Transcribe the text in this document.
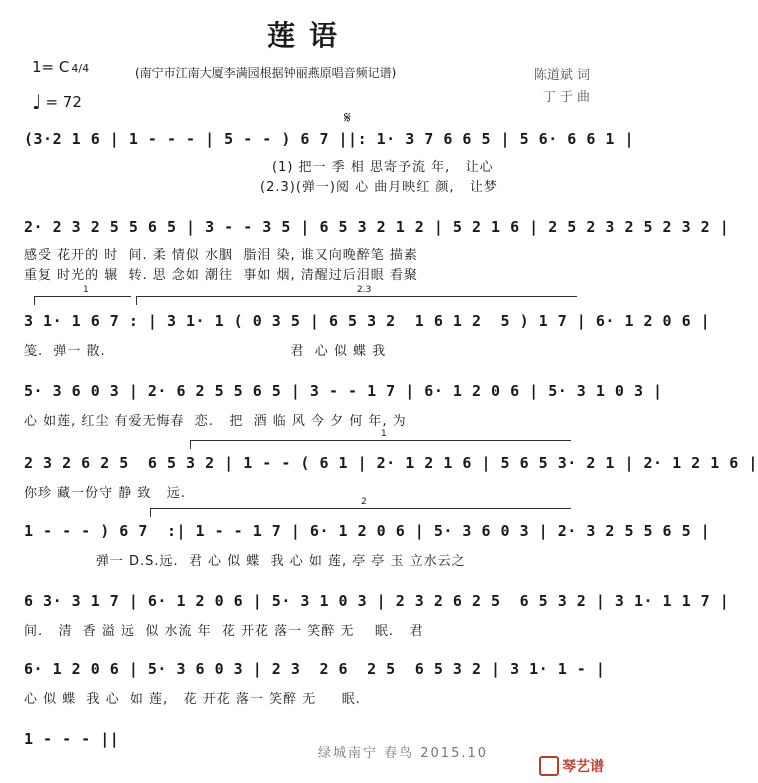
莲语
1= C 4/4	(南宁市江南大厦李满园根据钟丽燕原唱音频记谱)
♩ = 72
陈道斌 词
丁 于 曲
𝄋
(3·2 1 6 | 1 - - - | 5 - - ) 6 7 ||: 1· 3 7 6 6 5 | 5 6· 6 6 1 |
(1) 把一 季 相 思寄予流 年,   让心
(2.3)(弹一)阅 心 曲月映红 颜,   让梦
2· 2 3 2 5 5 6 5 | 3 - - 3 5 | 6 5 3 2 1 2 | 5 2 1 6 | 2 5 2 3 2 5 2 3 2 |
感受 花开的 时  间. 柔 情似 水胭  脂泪 染, 谁又向晚醉笔 描素
重复 时光的 辗  转. 思 念如 潮往  事如 烟, 清醒过后泪眼 看聚
1	2.3
3 1· 1 6 7 : | 3 1· 1 ( 0 3 5 | 6 5 3 2  1 6 1 2  5 ) 1 7 | 6· 1 2 0 6 |
笺.  弹一 散.                                    君  心 似 蝶 我
5· 3 6 0 3 | 2· 6 2 5 5 6 5 | 3 - - 1 7 | 6· 1 2 0 6 | 5· 3 1 0 3 |
心 如莲, 红尘 有爱无悔春  恋.   把  酒 临 风 今 夕 何 年, 为
1
2 3 2 6 2 5  6 5 3 2 | 1 - - ( 6 1 | 2· 1 2 1 6 | 5 6 5 3· 2 1 | 2· 1 2 1 6 |
你珍 藏一份守 静 致   远.
2
1 - - - ) 6 7  :| 1 - - 1 7 | 6· 1 2 0 6 | 5· 3 6 0 3 | 2· 3 2 5 5 6 5 |
弹一 D.S.远.  君 心 似 蝶  我 心 如 莲, 亭 亭 玉 立水云之
6 3· 3 1 7 | 6· 1 2 0 6 | 5· 3 1 0 3 | 2 3 2 6 2 5  6 5 3 2 | 3 1· 1 1 7 |
间.   清  香 溢 远  似 水流 年  花 开花 落一 笑醉 无    眠.   君
6· 1 2 0 6 | 5· 3 6 0 3 | 2 3  2 6  2 5  6 5 3 2 | 3 1· 1 - |
心 似 蝶  我 心  如 莲,   花 开花 落一 笑醉 无     眠.
1 - - - ||
绿城南宁 春鸟 2015.10
琴艺谱
